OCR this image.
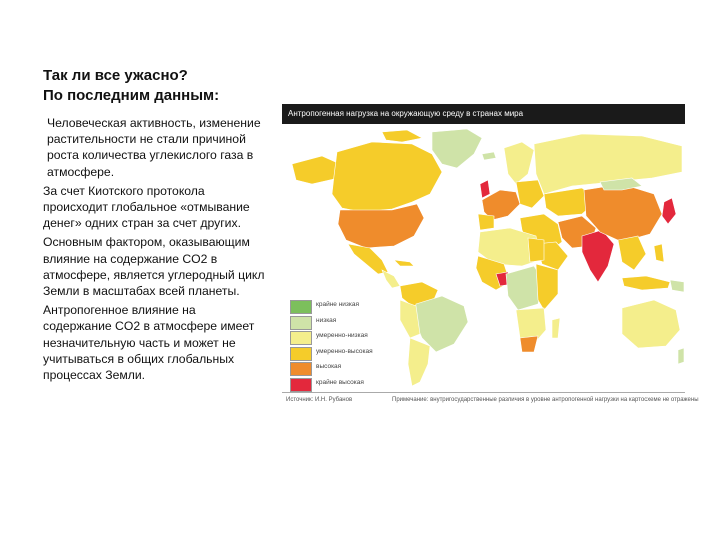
Так ли все ужасно?
По последним данным:

Человеческая активность, изменение растительности не стали причиной роста количества углекислого газа в атмосфере.

За счет Киотского протокола происходит глобальное «отмывание денег» одних стран за счет других.

Основным фактором, оказывающим влияние на содержание CO2 в атмосфере, является углеродный цикл Земли в масштабах всей планеты.

Антропогенное влияние на содержание CO2 в атмосфере имеет незначительную часть и может не учитываться в общих глобальных процессах Земли.

Антропогенная нагрузка на окружающую среду в странах мира
крайне низкая
низкая
умеренно-низкая
умеренно-высокая
высокая
крайне высокая
Источник: И.Н. Рубанов	Примечание: внутригосударственные различия в уровне антропогенной нагрузки на картосхеме не отражены
